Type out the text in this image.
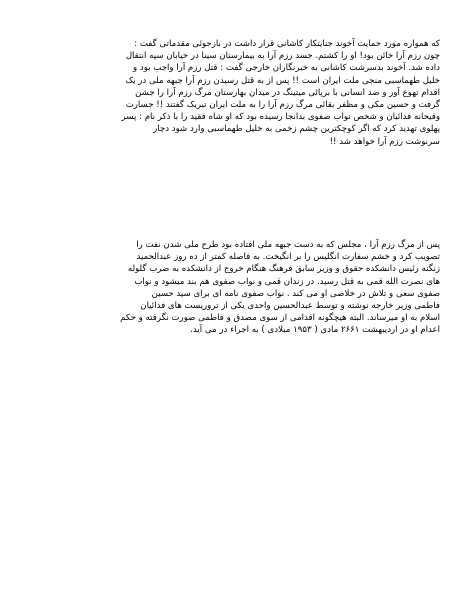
که همواره مورد حمایت آخوند جنایتکار کاشانی قرار داشت در بازجوئی مقدماتی گفت :
چون رزم آرا خائن بود! او را کشتم. جسد رزم آرا به بیمارستان سینا در خیابان سپه انتقال
داده شد. آخوند بدسرشت کاشانی به خبرنگاران خارجی گفت : قتل رزم آرا واجب بود و
خلیل طهماسبی منجی ملت ایران است !! پس از به قتل رسیدن رزم آرا جبهه ملی در یک
اقدام تهوع آور و ضد انسانی با برپائی میتینگ در میدان بهارستان مرگ رزم آرا را جشن
گرفت و حسین مکی و مظفر بقائی مرگ رزم آرا را به ملت ایران تبریک گفتند !! جسارت
وقیحانه فدائیان و شخص نواب صفوی بدانجا رسیده بود که او شاه فقید را با ذکر نام : پسر
پهلوی تهدید کرد که اگر کوچکترین چشم زخمی به خلیل طهماسبی وارد شود دچار
سرنوشت رزم آرا خواهد شد !!
پس از مرگ رزم آرا ، مجلس که به دست جبهه ملی افتاده بود طرح ملی شدن نفت را
تصویب کرد و خشم سفارت انگلیس را بر انگیخت. به فاصله کمتر از ده روز عبدالحمید
زنگنه رئیس دانشکده حقوق و وزیر سابق فرهنگ هنگام خروج از دانشکده به ضرب گلوله
های نصرت الله قمی به قتل رسید. در زندان قمی و نواب صفوی هم بند میشود و نواب
صفوی سعی و تلاش در خلاصی او می کند . نواب صفوی نامه ای برای سید حسین
فاطمی وزیر خارجه نوشته و توسط عبدالحسین واحدی یکی از تروریست های فدائیان
اسلام به او میرساند. البته هیچگونه اقدامی از سوی مصدق و فاطمی صورت نگرفته و حکم
اعدام او در اردیبهشت ۲۶۶۱ مادی ( ۱۹۵۳ میلادی ) به اجراء در می آید.
